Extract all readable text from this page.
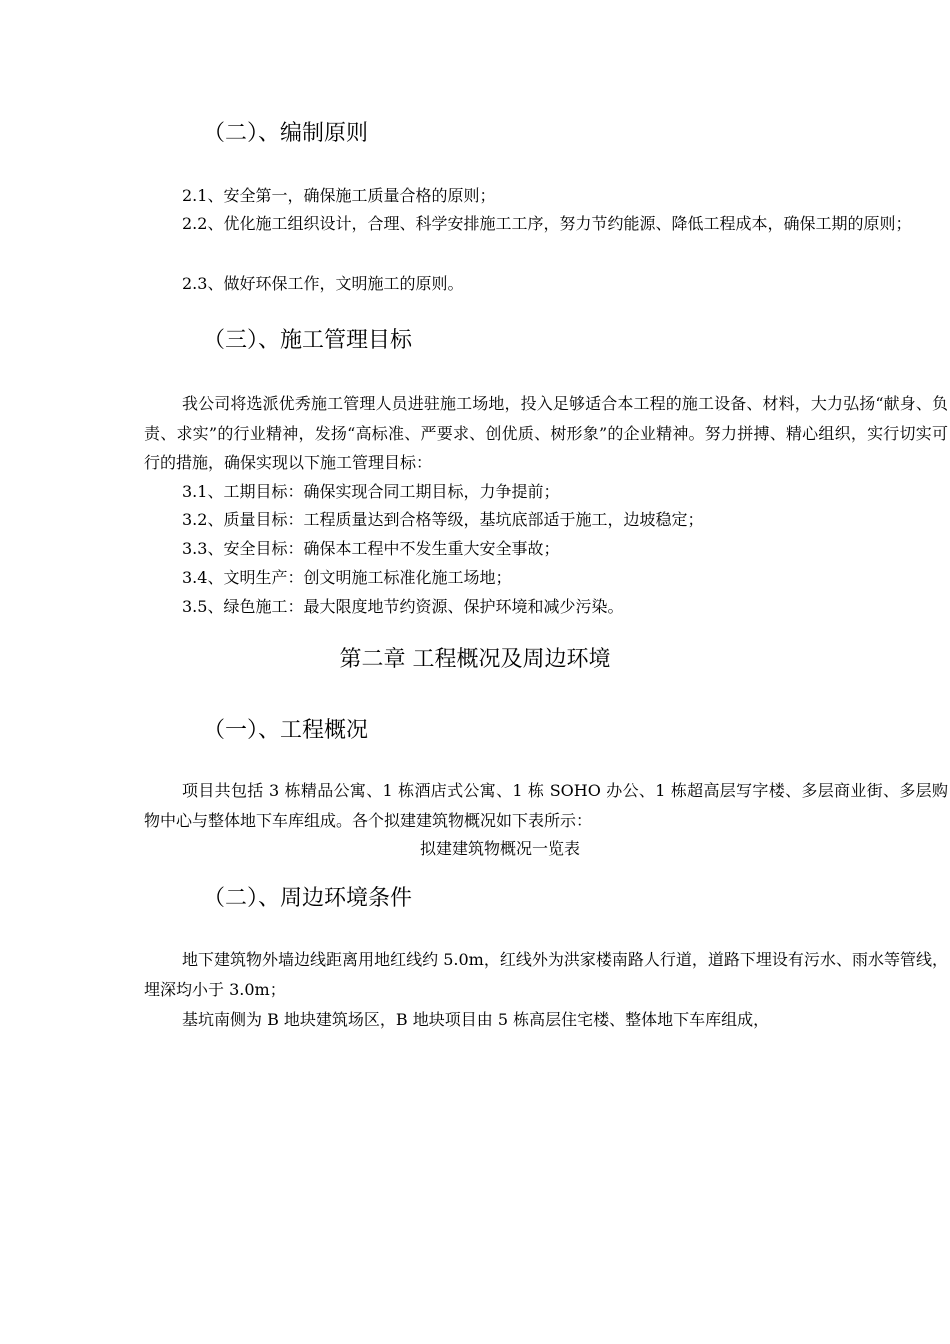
（二）、编制原则
2.1、安全第一，确保施工质量合格的原则；
2.2、优化施工组织设计，合理、科学安排施工工序，努力节约能源、降低工程成本，确保工期的原则；
2.3、做好环保工作，文明施工的原则。
（三）、施工管理目标
我公司将选派优秀施工管理人员进驻施工场地，投入足够适合本工程的施工设备、材料，大力弘扬“献身、负责、求实”的行业精神，发扬“高标准、严要求、创优质、树形象”的企业精神。努力拼搏、精心组织，实行切实可行的措施，确保实现以下施工管理目标：
3.1、工期目标：确保实现合同工期目标，力争提前；
3.2、质量目标：工程质量达到合格等级，基坑底部适于施工，边坡稳定；
3.3、安全目标：确保本工程中不发生重大安全事故；
3.4、文明生产：创文明施工标准化施工场地；
3.5、绿色施工：最大限度地节约资源、保护环境和减少污染。
第二章 工程概况及周边环境
（一）、工程概况
项目共包括 3 栋精品公寓、1 栋酒店式公寓、1 栋 SOHO 办公、1 栋超高层写字楼、多层商业街、多层购物中心与整体地下车库组成。各个拟建建筑物概况如下表所示：
拟建建筑物概况一览表
（二）、周边环境条件
地下建筑物外墙边线距离用地红线约 5.0m，红线外为洪家楼南路人行道，道路下埋设有污水、雨水等管线，埋深均小于 3.0m；
基坑南侧为 B 地块建筑场区，B 地块项目由 5 栋高层住宅楼、整体地下车库组成，
